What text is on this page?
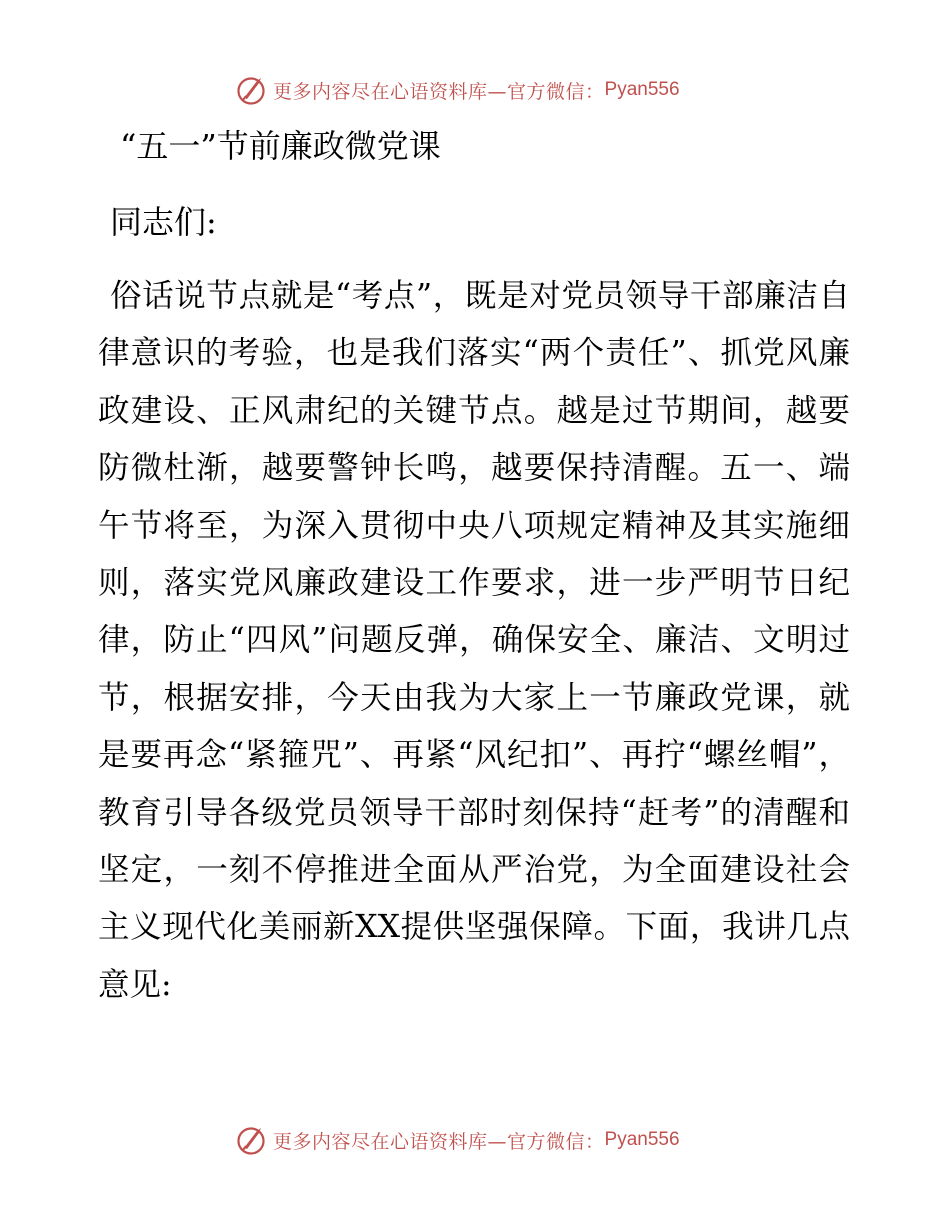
更多内容尽在心语资料库—官方微信： Pyan556
“五一”节前廉政微党课

同志们:

俗话说节点就是“考点”，既是对党员领导干部廉洁自律意识的考验，也是我们落实“两个责任”、抓党风廉政建设、正风肃纪的关键节点。越是过节期间，越要防微杜渐，越要警钟长鸣，越要保持清醒。五一、端午节将至，为深入贯彻中央八项规定精神及其实施细则，落实党风廉政建设工作要求，进一步严明节日纪律，防止“四风”问题反弹，确保安全、廉洁、文明过节，根据安排，今天由我为大家上一节廉政党课，就是要再念“紧箍咒”、再紧“风纪扣”、再拧“螺丝帽”，教育引导各级党员领导干部时刻保持“赶考”的清醒和坚定，一刻不停推进全面从严治党，为全面建设社会主义现代化美丽新XX提供坚强保障。下面，我讲几点意见:

更多内容尽在心语资料库—官方微信： Pyan556
